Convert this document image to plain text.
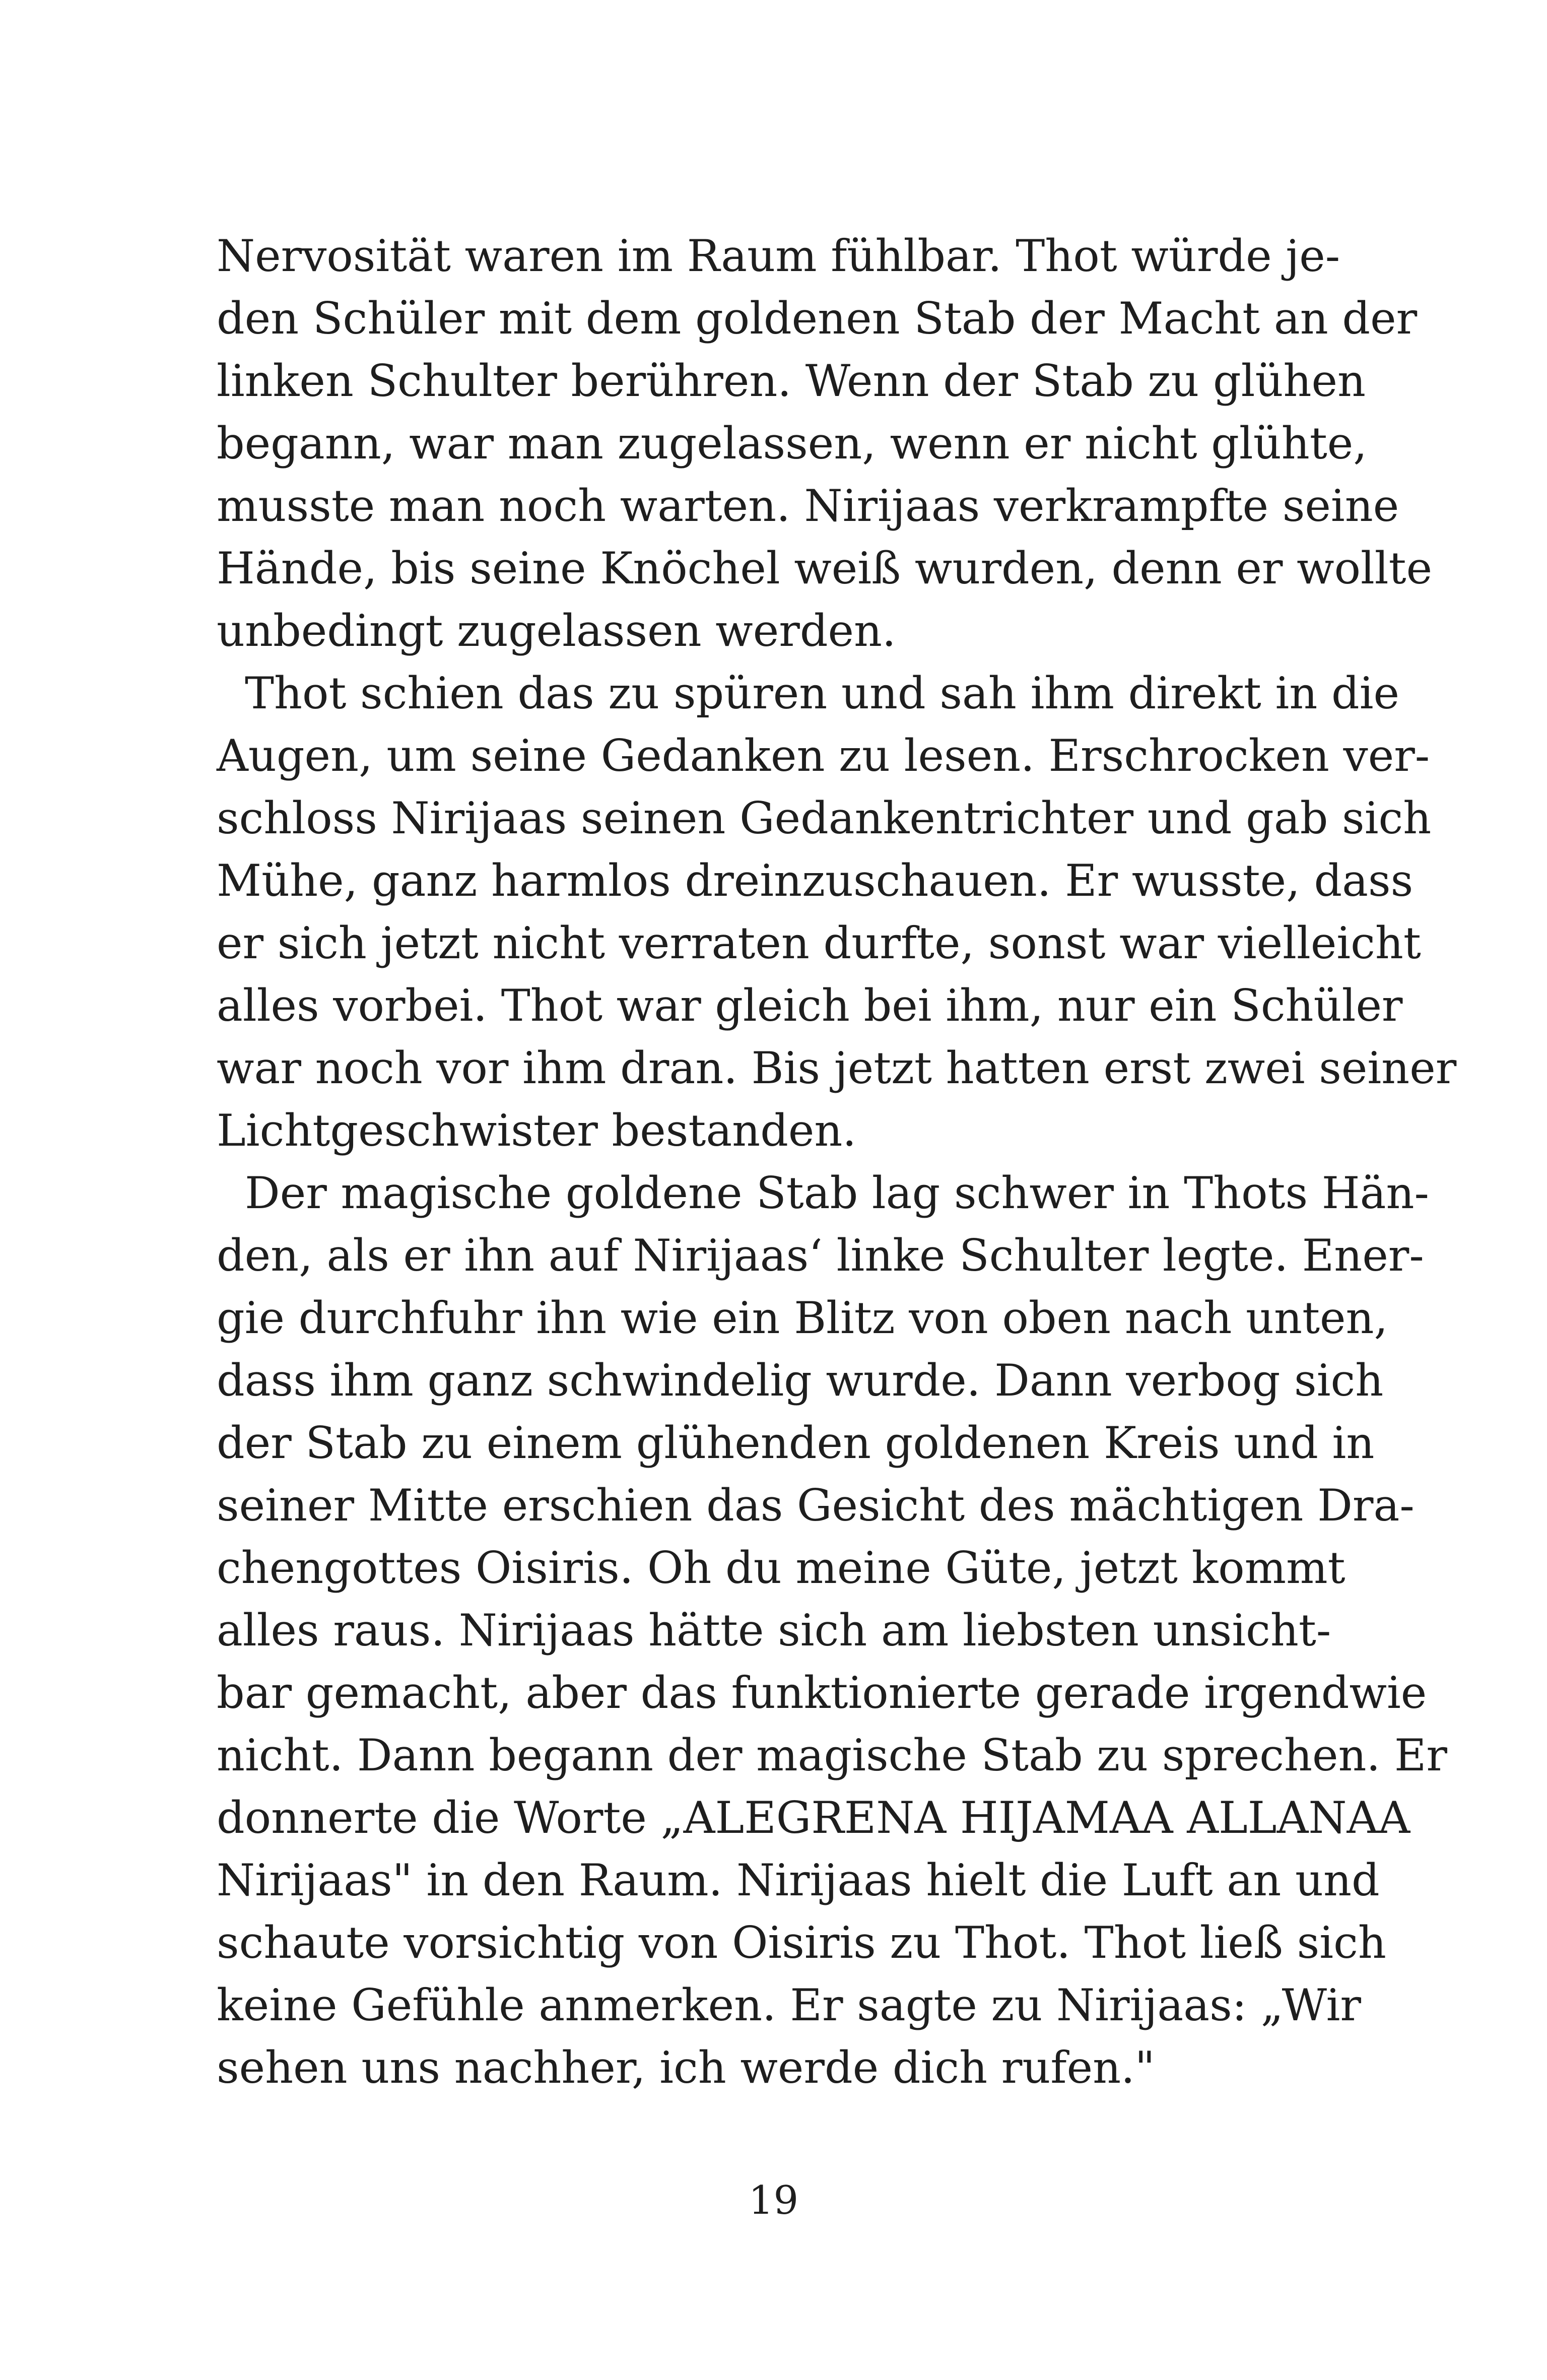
Nervosität waren im Raum fühlbar. Thot würde je-
den Schüler mit dem goldenen Stab der Macht an der
linken Schulter berühren. Wenn der Stab zu glühen
begann, war man zugelassen, wenn er nicht glühte,
musste man noch warten. Nirijaas verkrampfte seine
Hände, bis seine Knöchel weiß wurden, denn er wollte
unbedingt zugelassen werden.
Thot schien das zu spüren und sah ihm direkt in die
Augen, um seine Gedanken zu lesen. Erschrocken ver-
schloss Nirijaas seinen Gedankentrichter und gab sich
Mühe, ganz harmlos dreinzuschauen. Er wusste, dass
er sich jetzt nicht verraten durfte, sonst war vielleicht
alles vorbei. Thot war gleich bei ihm, nur ein Schüler
war noch vor ihm dran. Bis jetzt hatten erst zwei seiner
Lichtgeschwister bestanden.
Der magische goldene Stab lag schwer in Thots Hän-
den, als er ihn auf Nirijaas‘ linke Schulter legte. Ener-
gie durchfuhr ihn wie ein Blitz von oben nach unten,
dass ihm ganz schwindelig wurde. Dann verbog sich
der Stab zu einem glühenden goldenen Kreis und in
seiner Mitte erschien das Gesicht des mächtigen Dra-
chengottes Oisiris. Oh du meine Güte, jetzt kommt
alles raus. Nirijaas hätte sich am liebsten unsicht-
bar gemacht, aber das funktionierte gerade irgendwie
nicht. Dann begann der magische Stab zu sprechen. Er
donnerte die Worte „ALEGRENA HIJAMAA ALLANAA
Nirijaas" in den Raum. Nirijaas hielt die Luft an und
schaute vorsichtig von Oisiris zu Thot. Thot ließ sich
keine Gefühle anmerken. Er sagte zu Nirijaas: „Wir
sehen uns nachher, ich werde dich rufen."
19
